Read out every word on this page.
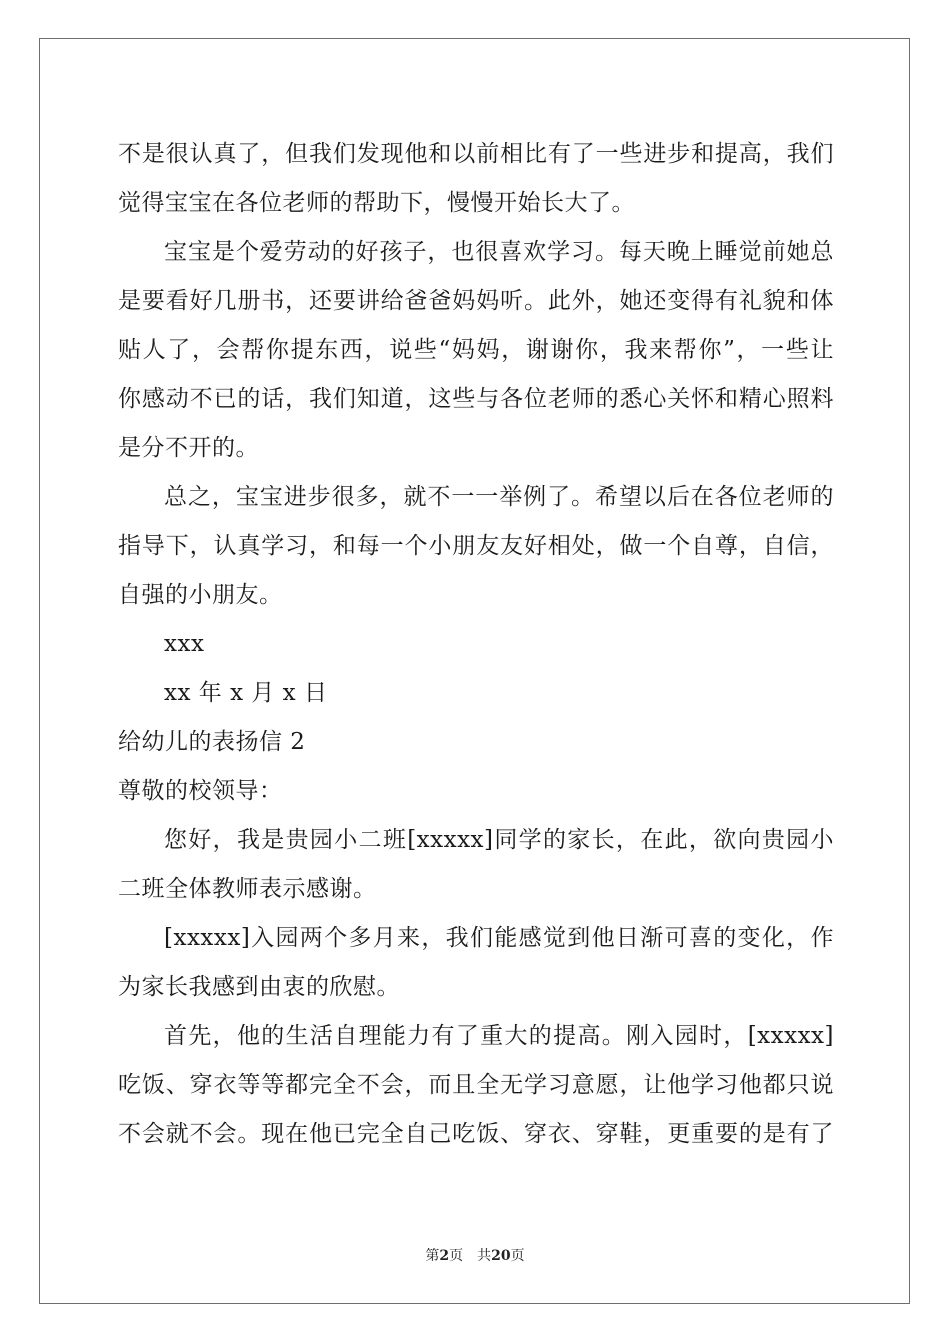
不是很认真了，但我们发现他和以前相比有了一些进步和提高，我们
觉得宝宝在各位老师的帮助下，慢慢开始长大了。
宝宝是个爱劳动的好孩子，也很喜欢学习。每天晚上睡觉前她总
是要看好几册书，还要讲给爸爸妈妈听。此外，她还变得有礼貌和体
贴人了，会帮你提东西，说些“妈妈，谢谢你，我来帮你”，一些让
你感动不已的话，我们知道，这些与各位老师的悉心关怀和精心照料
是分不开的。
总之，宝宝进步很多，就不一一举例了。希望以后在各位老师的
指导下，认真学习，和每一个小朋友友好相处，做一个自尊，自信，
自强的小朋友。
xxx
xx 年 x 月 x 日
给幼儿的表扬信 2
尊敬的校领导：
您好，我是贵园小二班[xxxxx]同学的家长，在此，欲向贵园小
二班全体教师表示感谢。
[xxxxx]入园两个多月来，我们能感觉到他日渐可喜的变化，作
为家长我感到由衷的欣慰。
首先，他的生活自理能力有了重大的提高。刚入园时，[xxxxx]
吃饭、穿衣等等都完全不会，而且全无学习意愿，让他学习他都只说
不会就不会。现在他已完全自己吃饭、穿衣、穿鞋，更重要的是有了
第2页 共20页
